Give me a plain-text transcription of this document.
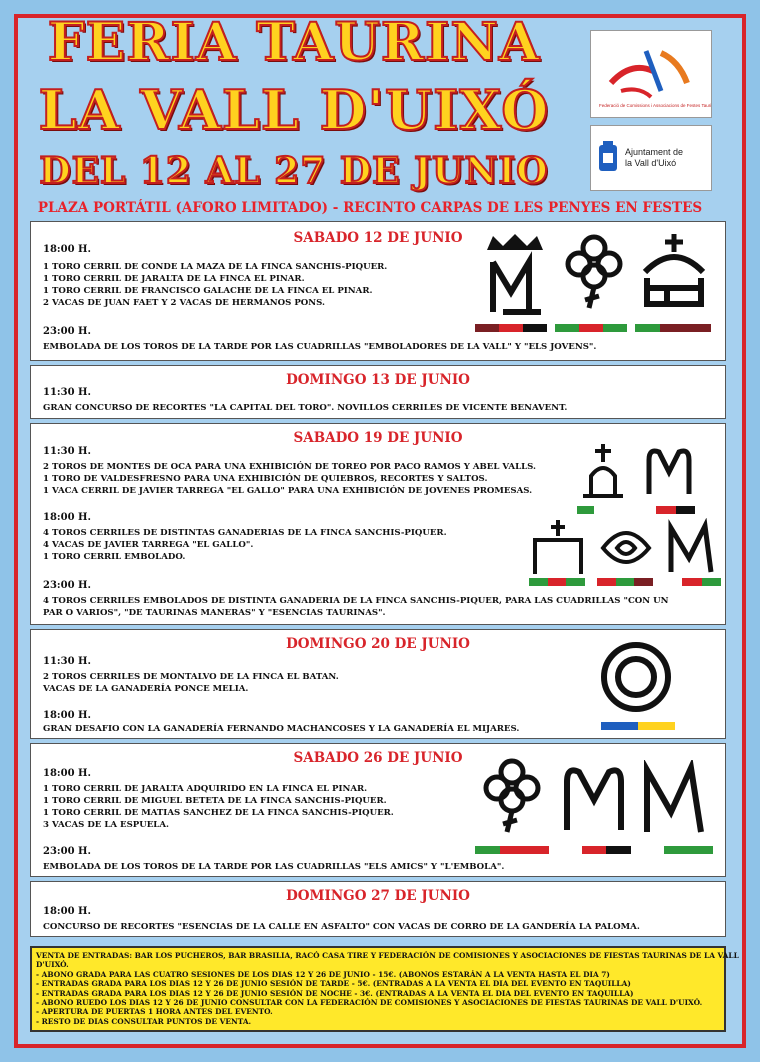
FERIA TAURINA
LA VALL D'UIXÓ
DEL 12 AL 27 DE JUNIO
Federació de Comissions i Associacions de Festes Taurines
Ajuntament de
la Vall d'Uixó
PLAZA PORTÁTIL (AFORO LIMITADO) - RECINTO CARPAS DE LES PENYES EN FESTES
SABADO 12 DE JUNIO
18:00 H.
1 TORO CERRIL DE CONDE LA MAZA DE LA FINCA SANCHIS-PIQUER.
1 TORO CERRIL DE JARALTA DE LA FINCA EL PINAR.
1 TORO CERRIL DE FRANCISCO GALACHE DE LA FINCA EL PINAR.
2 VACAS DE JUAN FAET Y 2 VACAS DE HERMANOS PONS.
23:00 H.
EMBOLADA DE LOS TOROS DE LA TARDE POR LAS CUADRILLAS "EMBOLADORES DE LA VALL" Y "ELS JOVENS".
DOMINGO 13 DE JUNIO
11:30 H.
GRAN CONCURSO DE RECORTES "LA CAPITAL DEL TORO". NOVILLOS CERRILES DE VICENTE BENAVENT.
SABADO 19 DE JUNIO
11:30 H.
2 TOROS DE MONTES DE OCA PARA UNA EXHIBICIÓN DE TOREO POR PACO RAMOS Y ABEL VALLS.
1 TORO DE VALDESFRESNO PARA UNA EXHIBICIÓN DE QUIEBROS, RECORTES Y SALTOS.
1 VACA CERRIL DE JAVIER TARREGA "EL GALLO" PARA UNA EXHIBICIÓN DE JOVENES PROMESAS.
18:00 H.
4 TOROS CERRILES DE DISTINTAS GANADERIAS DE LA FINCA SANCHIS-PIQUER.
4 VACAS DE JAVIER TARREGA "EL GALLO".
1 TORO CERRIL EMBOLADO.
23:00 H.
4 TOROS CERRILES EMBOLADOS DE DISTINTA GANADERIA DE LA FINCA SANCHIS-PIQUER, PARA LAS CUADRILLAS "CON UN
PAR O VARIOS", "DE TAURINAS MANERAS" Y "ESENCIAS TAURINAS".
DOMINGO 20 DE JUNIO
11:30 H.
2 TOROS CERRILES DE MONTALVO DE LA FINCA EL BATAN.
VACAS DE LA GANADERÍA PONCE MELIA.
18:00 H.
GRAN DESAFIO CON LA GANADERÍA FERNANDO MACHANCOSES Y LA GANADERÍA EL MIJARES.
SABADO 26 DE JUNIO
18:00 H.
1 TORO CERRIL DE JARALTA ADQUIRIDO EN LA FINCA EL PINAR.
1 TORO CERRIL DE MIGUEL BETETA DE LA FINCA SANCHIS-PIQUER.
1 TORO CERRIL DE MATIAS SANCHEZ DE LA FINCA SANCHIS-PIQUER.
3 VACAS DE LA ESPUELA.
23:00 H.
EMBOLADA DE LOS TOROS DE LA TARDE POR LAS CUADRILLAS "ELS AMICS" Y "L'EMBOLA".
DOMINGO 27 DE JUNIO
18:00 H.
CONCURSO DE RECORTES "ESENCIAS DE LA CALLE EN ASFALTO" CON VACAS DE CORRO DE LA GANDERÍA LA PALOMA.
VENTA DE ENTRADAS: BAR LOS PUCHEROS, BAR BRASILIA, RACÓ CASA TIRE Y FEDERACIÓN DE COMISIONES Y ASOCIACIONES DE FIESTAS TAURINAS DE LA VALL
D'UIXÓ.
- ABONO GRADA PARA LAS CUATRO SESIONES DE LOS DIAS 12 Y 26 DE JUNIO - 15€. (ABONOS ESTARÁN A LA VENTA HASTA EL DIA 7)
- ENTRADAS GRADA PARA LOS DIAS 12 Y 26 DE JUNIO SESIÓN DE TARDE - 5€. (ENTRADAS A LA VENTA EL DIA DEL EVENTO EN TAQUILLA)
- ENTRADAS GRADA PARA LOS DIAS 12 Y 26 DE JUNIO SESIÓN DE NOCHE - 3€. (ENTRADAS A LA VENTA EL DIA DEL EVENTO EN TAQUILLA)
- ABONO RUEDO LOS DIAS 12 Y 26 DE JUNIO CONSULTAR CON LA FEDERACIÓN DE COMISIONES Y ASOCIACIONES DE FIESTAS TAURINAS DE VALL D'UIXÓ.
- APERTURA DE PUERTAS 1 HORA ANTES DEL EVENTO.
- RESTO DE DIAS CONSULTAR PUNTOS DE VENTA.
